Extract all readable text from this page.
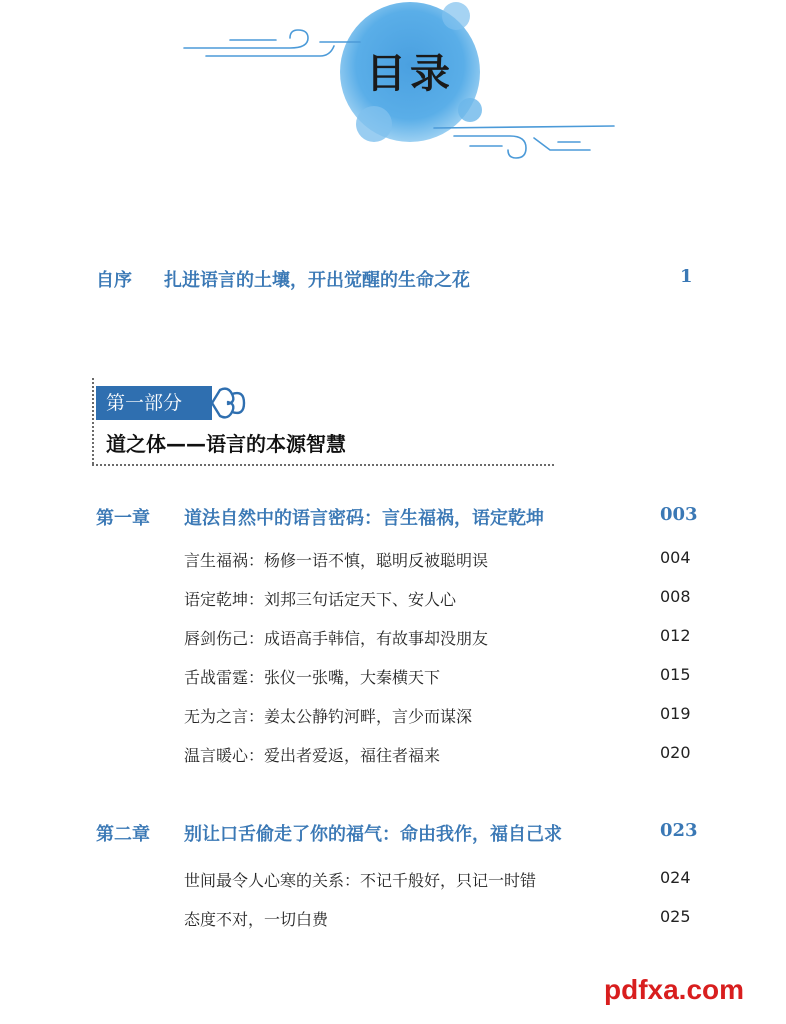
目录
自序 扎进语言的土壤，开出觉醒的生命之花	1
第一部分
道之体——语言的本源智慧
第一章 道法自然中的语言密码：言生福祸，语定乾坤	003
言生福祸：杨修一语不慎，聪明反被聪明误	004
语定乾坤：刘邦三句话定天下、安人心	008
唇剑伤己：成语高手韩信，有故事却没朋友	012
舌战雷霆：张仪一张嘴，大秦横天下	015
无为之言：姜太公静钓河畔，言少而谋深	019
温言暖心：爱出者爱返，福往者福来	020
第二章 别让口舌偷走了你的福气：命由我作，福自己求	023
世间最令人心寒的关系：不记千般好，只记一时错	024
态度不对，一切白费	025
pdfxa.com
